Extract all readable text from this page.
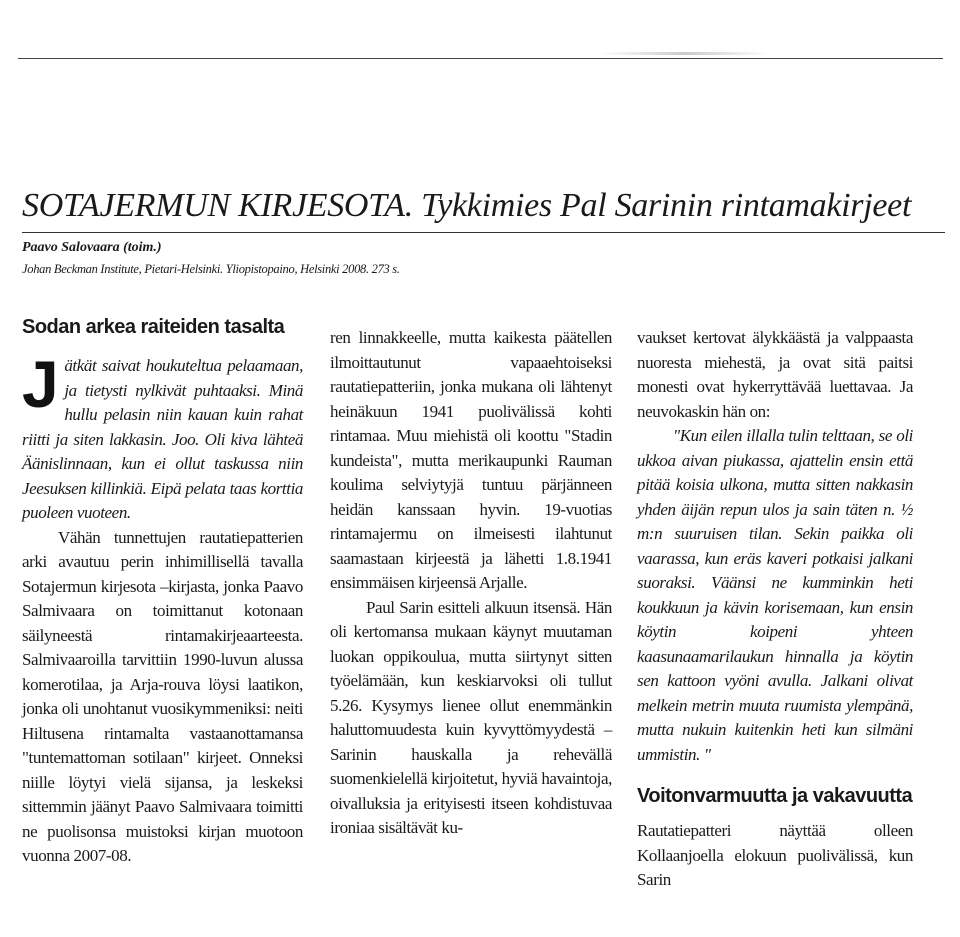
SOTAJERMUN KIRJESOTA. Tykkimies Pal Sarinin rintamakirjeet

Paavo Salovaara (toim.)

Johan Beckman Institute, Pietari-Helsinki. Yliopistopaino, Helsinki 2008. 273 s.

Sodan arkea raiteiden tasalta

Jätkät saivat houkuteltua pelaamaan, ja tietysti nylkivät puhtaaksi. Minä hullu pelasin niin kauan kuin rahat riitti ja siten lakkasin. Joo. Oli kiva lähteä Äänislinnaan, kun ei ollut taskussa niin Jeesuksen killinkiä. Eipä pelata taas korttia puoleen vuoteen.

Vähän tunnettujen rautatiepatterien arki avautuu perin inhimillisellä tavalla Sotajermun kirjesota –kirjasta, jonka Paavo Salmivaara on toimittanut kotonaan säilyneestä rintamakirjeaarteesta. Salmivaaroilla tarvittiin 1990-luvun alussa komerotilaa, ja Arja-rouva löysi laatikon, jonka oli unohtanut vuosikymmeniksi: neiti Hiltusena rintamalta vastaanottamansa "tuntemattoman sotilaan" kirjeet. Onneksi niille löytyi vielä sijansa, ja leskeksi sittemmin jäänyt Paavo Salmivaara toimitti ne puolisonsa muistoksi kirjan muotoon vuonna 2007-08.

ren linnakkeelle, mutta kaikesta päätellen ilmoittautunut vapaaehtoiseksi rautatiepatteriin, jonka mukana oli lähtenyt heinäkuun 1941 puolivälissä kohti rintamaa. Muu miehistä oli koottu "Stadin kundeista", mutta merikaupunki Rauman koulima selviytyjä tuntuu pärjänneen heidän kanssaan hyvin. 19-vuotias rintamajermu on ilmeisesti ilahtunut saamastaan kirjeestä ja lähetti 1.8.1941 ensimmäisen kirjeensä Arjalle.

Paul Sarin esitteli alkuun itsensä. Hän oli kertomansa mukaan käynyt muutaman luokan oppikoulua, mutta siirtynyt sitten työelämään, kun keskiarvoksi oli tullut 5.26. Kysymys lienee ollut enemmänkin haluttomuudesta kuin kyvyttömyydestä – Sarinin hauskalla ja rehevällä suomenkielellä kirjoitetut, hyviä havaintoja, oivalluksia ja erityisesti itseen kohdistuvaa ironiaa sisältävät ku-

vaukset kertovat älykkäästä ja valppaasta nuoresta miehestä, ja ovat sitä paitsi monesti ovat hykerryttävää luettavaa. Ja neuvokaskin hän on:

"Kun eilen illalla tulin telttaan, se oli ukkoa aivan piukassa, ajattelin ensin että pitää koisia ulkona, mutta sitten nakkasin yhden äijän repun ulos ja sain täten n. ½ m:n suuruisen tilan. Sekin paikka oli vaarassa, kun eräs kaveri potkaisi jalkani suoraksi. Väänsi ne kumminkin heti koukkuun ja kävin korisemaan, kun ensin köytin koipeni yhteen kaasunaamarilaukun hinnalla ja köytin sen kattoon vyöni avulla. Jalkani olivat melkein metrin muuta ruumista ylempänä, mutta nukuin kuitenkin heti kun silmäni ummistin. "

Voitonvarmuutta ja vakavuutta

Rautatiepatteri näyttää olleen Kollaanjoella elokuun puolivälissä, kun Sarin
